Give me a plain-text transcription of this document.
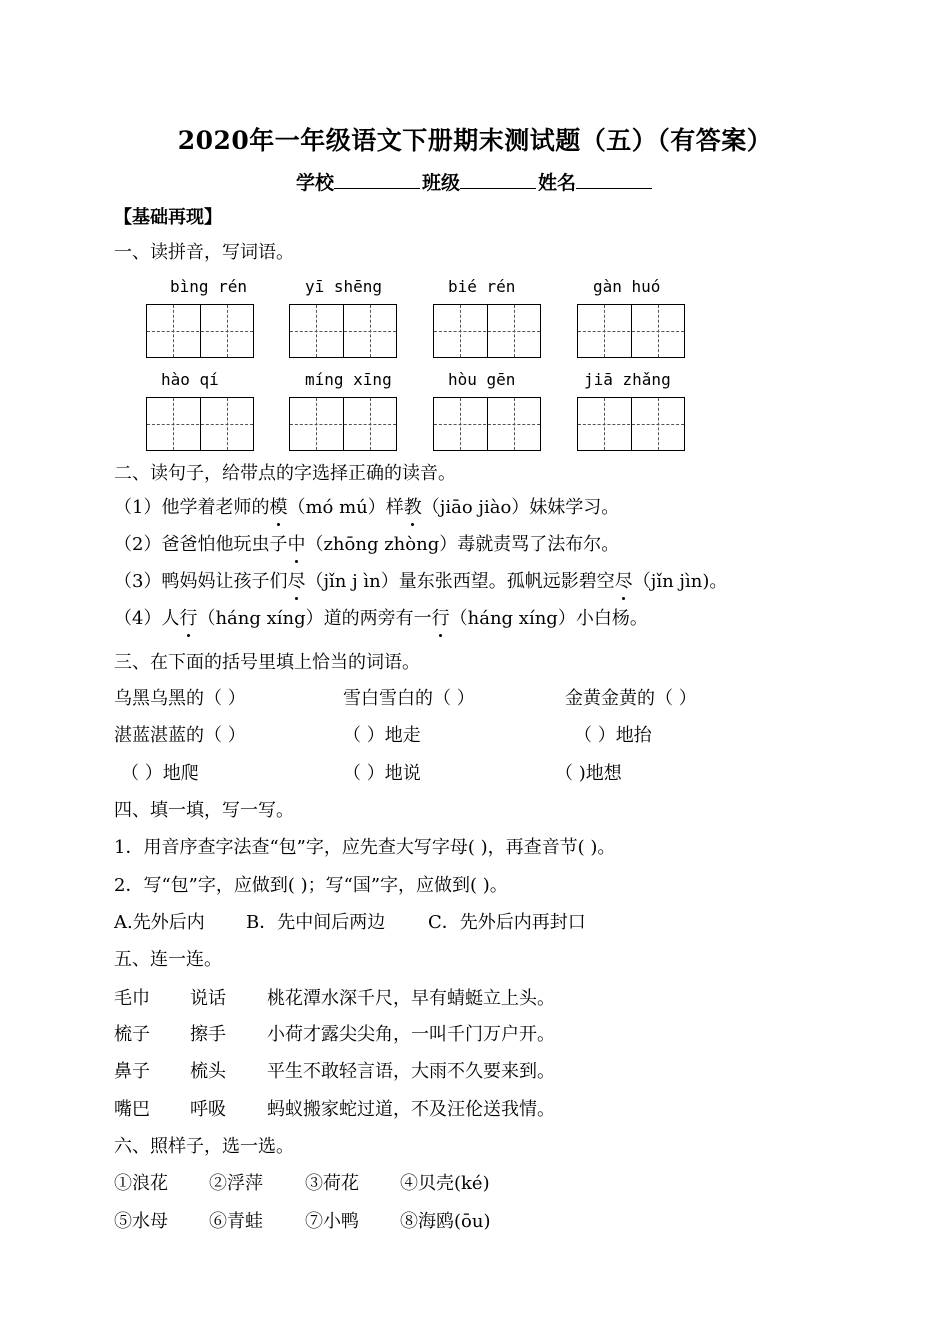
2020年一年级语文下册期末测试题（五）（有答案）
学校	班级	姓名
【基础再现】
一、读拼音，写词语。
bìng rén	yī shēng	bié rén	gàn huó
hào qí	míng xīng	hòu gēn	jiā zhǎng
二、读句子，给带点的字选择正确的读音。
（1）他学着老师的模（mó mú）样教（jiāo jiào）妹妹学习。
（2）爸爸怕他玩虫子中（zhōng zhòng）毒就责骂了法布尔。
（3）鸭妈妈让孩子们尽（jǐn j ìn）量东张西望。孤帆远影碧空尽（jǐn jìn)。
（4）人行（háng xíng）道的两旁有一行（háng xíng）小白杨。
三、在下面的括号里填上恰当的词语。
乌黑乌黑的（ ）	雪白雪白的（ ）	金黄金黄的（ ）
湛蓝湛蓝的（ ）	（ ）地走	（ ）地抬
（ ）地爬	（ ）地说	（ )地想
四、填一填，写一写。
1．用音序查字法查“包”字，应先查大写字母( )，再查音节( )。
2．写“包”字，应做到( )；写“国”字，应做到( )。
A.先外后内 B．先中间后两边 C．先外后内再封口
五、连一连。
毛巾 说话 桃花潭水深千尺，早有蜻蜓立上头。
梳子 擦手 小荷才露尖尖角，一叫千门万户开。
鼻子 梳头 平生不敢轻言语，大雨不久要来到。
嘴巴 呼吸 蚂蚁搬家蛇过道，不及汪伦送我情。
六、照样子，选一选。
①浪花 ②浮萍 ③荷花 ④贝壳(ké)
⑤水母 ⑥青蛙 ⑦小鸭 ⑧海鸥(ōu)
